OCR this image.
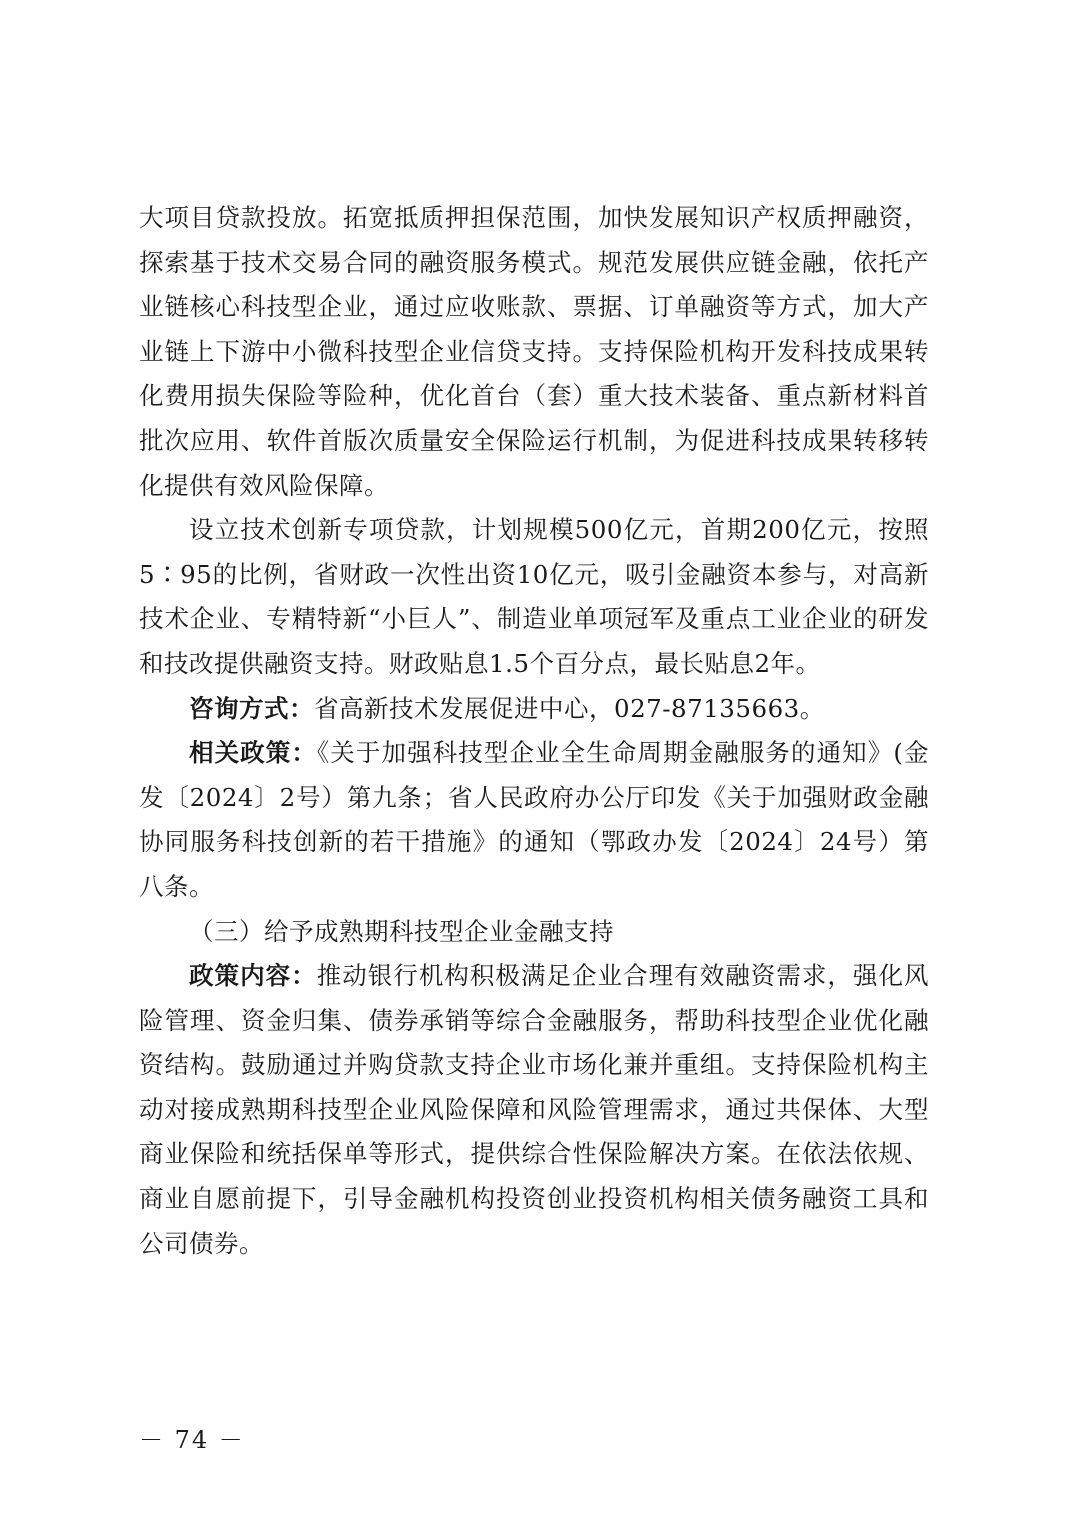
大项目贷款投放。拓宽抵质押担保范围，加快发展知识产权质押融资，探索基于技术交易合同的融资服务模式。规范发展供应链金融，依托产业链核心科技型企业，通过应收账款、票据、订单融资等方式，加大产业链上下游中小微科技型企业信贷支持。支持保险机构开发科技成果转化费用损失保险等险种，优化首台（套）重大技术装备、重点新材料首批次应用、软件首版次质量安全保险运行机制，为促进科技成果转移转化提供有效风险保障。

设立技术创新专项贷款，计划规模500亿元，首期200亿元，按照5∶95的比例，省财政一次性出资10亿元，吸引金融资本参与，对高新技术企业、专精特新“小巨人”、制造业单项冠军及重点工业企业的研发和技改提供融资支持。财政贴息1.5个百分点，最长贴息2年。

咨询方式：省高新技术发展促进中心，027-87135663。

相关政策：《关于加强科技型企业全生命周期金融服务的通知》(金发〔2024〕2号）第九条；省人民政府办公厅印发《关于加强财政金融协同服务科技创新的若干措施》的通知（鄂政办发〔2024〕24号）第八条。

（三）给予成熟期科技型企业金融支持

政策内容：推动银行机构积极满足企业合理有效融资需求，强化风险管理、资金归集、债券承销等综合金融服务，帮助科技型企业优化融资结构。鼓励通过并购贷款支持企业市场化兼并重组。支持保险机构主动对接成熟期科技型企业风险保障和风险管理需求，通过共保体、大型商业保险和统括保单等形式，提供综合性保险解决方案。在依法依规、商业自愿前提下，引导金融机构投资创业投资机构相关债务融资工具和公司债券。

－ 74 －
